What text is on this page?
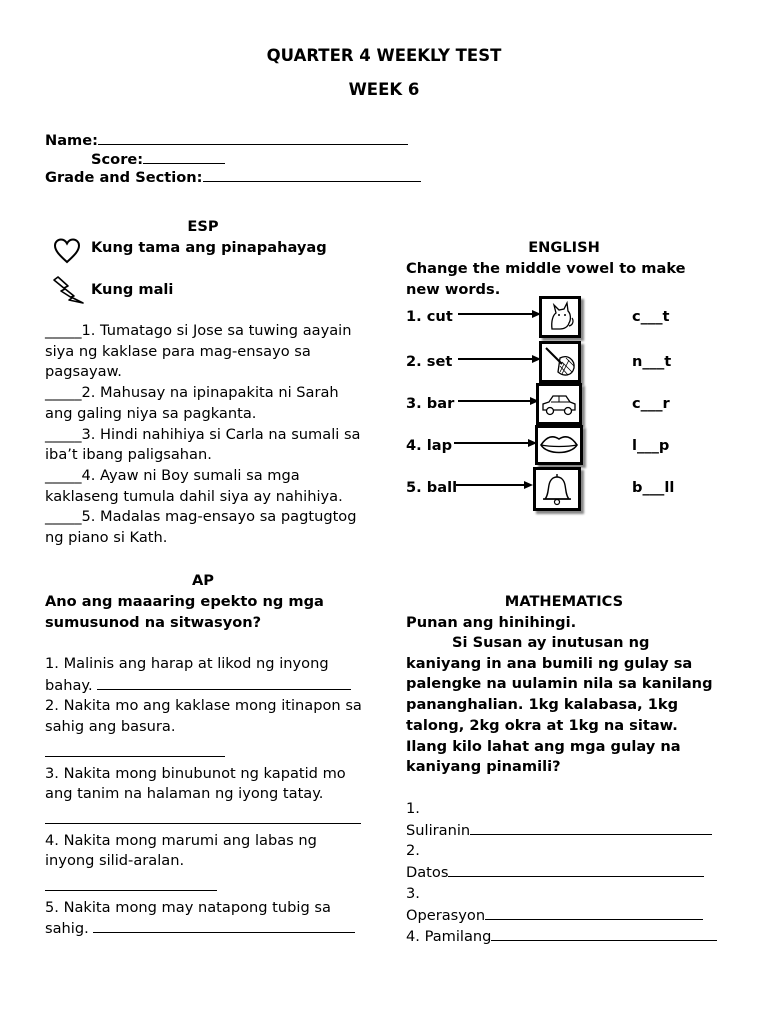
QUARTER 4 WEEKLY TEST
WEEK 6
Name:
Score:
Grade and Section:
ESP
Kung tama ang pinapahayag
Kung mali

_____1. Tumatago si Jose sa tuwing aayain siya ng kaklase para mag-ensayo sa pagsayaw.

_____2. Mahusay na ipinapakita ni Sarah ang galing niya sa pagkanta.

_____3. Hindi nahihiya si Carla na sumali sa iba’t ibang paligsahan.

_____4. Ayaw ni Boy sumali sa mga kaklaseng tumula dahil siya ay nahihiya.

_____5. Madalas mag-ensayo sa pagtugtog ng piano si Kath.

ENGLISH
Change the middle vowel to make new words.
1. cut	c___t
2. set	n___t
3. bar	c___r
4. lap	l___p
5. ball	b___ll
AP
Ano ang maaaring epekto ng mga sumusunod na sitwasyon?

1. Malinis ang harap at likod ng inyong bahay.

2. Nakita mo ang kaklase mong itinapon sa sahig ang basura.

3. Nakita mong binubunot ng kapatid mo ang tanim na halaman ng iyong tatay.

4. Nakita mong marumi ang labas ng inyong silid-aralan.

5. Nakita mong may natapong tubig sa sahig.

MATHEMATICS
Punan ang hinihingi.
Si Susan ay inutusan ng kaniyang in ana bumili ng gulay sa palengke na uulamin nila sa kanilang pananghalian. 1kg kalabasa, 1kg talong, 2kg okra at 1kg na sitaw. Ilang kilo lahat ang mga gulay na kaniyang pinamili?

1.

Suliranin

2.

Datos

3.

Operasyon

4. Pamilang
